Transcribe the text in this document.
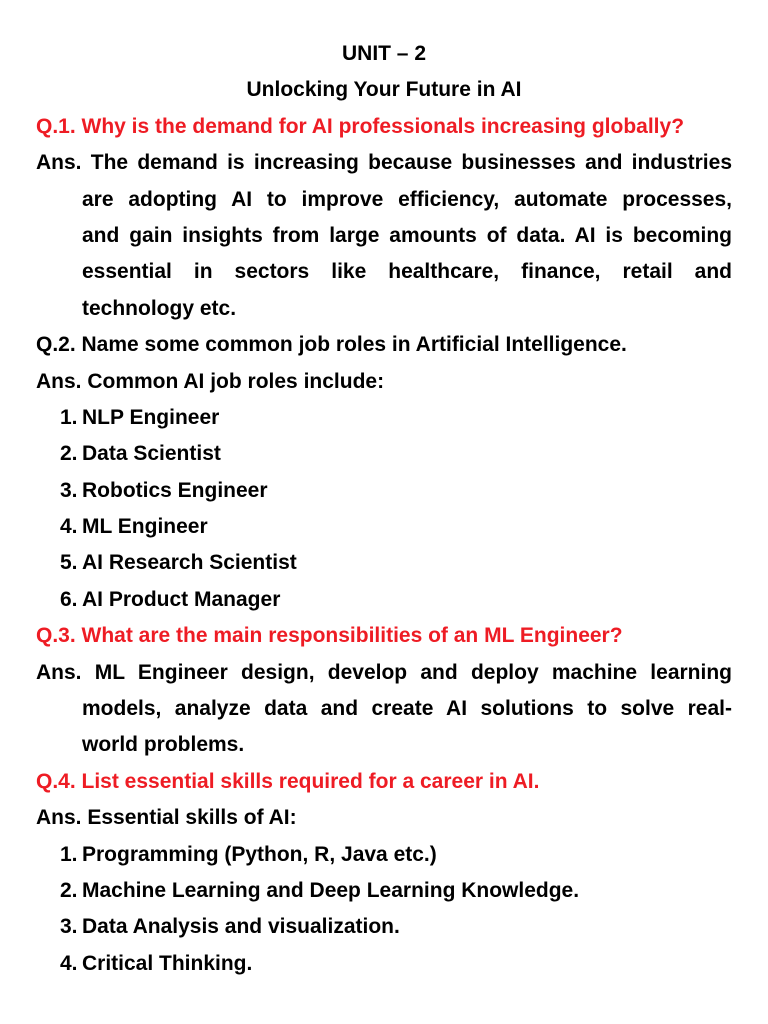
UNIT – 2
Unlocking Your Future in AI
Q.1. Why is the demand for AI professionals increasing globally?
Ans. The demand is increasing because businesses and industries
are adopting AI to improve efficiency, automate processes,
and gain insights from large amounts of data. AI is becoming
essential in sectors like healthcare, finance, retail and
technology etc.
Q.2. Name some common job roles in Artificial Intelligence.
Ans. Common AI job roles include:
1. NLP Engineer
2. Data Scientist
3. Robotics Engineer
4. ML Engineer
5. AI Research Scientist
6. AI Product Manager
Q.3. What are the main responsibilities of an ML Engineer?
Ans. ML Engineer design, develop and deploy machine learning
models, analyze data and create AI solutions to solve real-
world problems.
Q.4. List essential skills required for a career in AI.
Ans. Essential skills of AI:
1. Programming (Python, R, Java etc.)
2. Machine Learning and Deep Learning Knowledge.
3. Data Analysis and visualization.
4. Critical Thinking.
